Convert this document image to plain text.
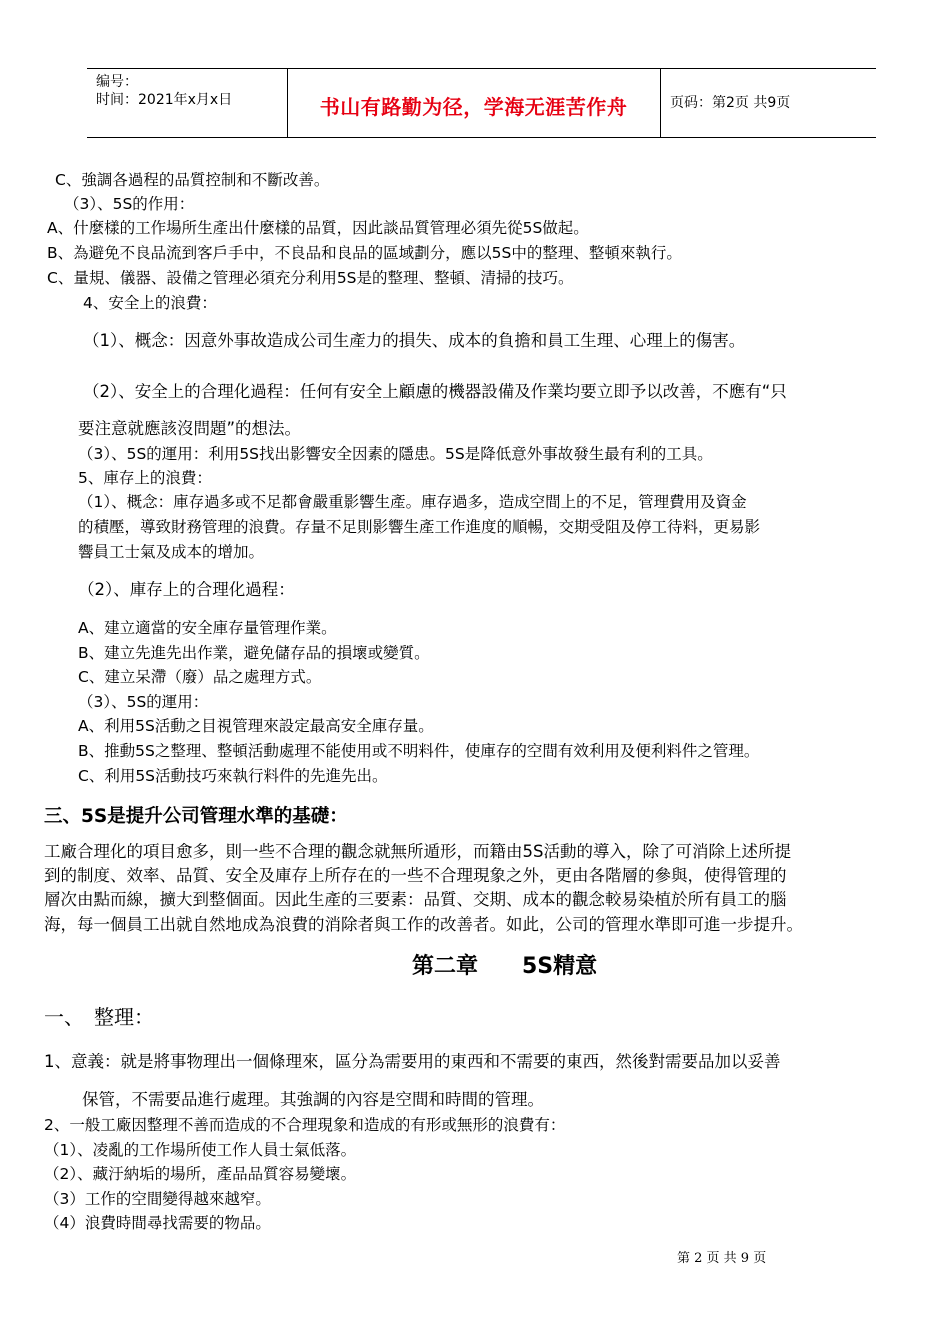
编号：
时间：2021年x月x日	书山有路勤为径，学海无涯苦作舟	页码：第2页 共9页
C、強調各過程的品質控制和不斷改善。
（3）、5S的作用：
A、什麼樣的工作場所生產出什麼樣的品質，因此談品質管理必須先從5S做起。
B、為避免不良品流到客戶手中，不良品和良品的區域劃分，應以5S中的整理、整頓來執行。
C、量規、儀器、設備之管理必須充分利用5S是的整理、整頓、清掃的技巧。
4、安全上的浪費：
（1）、概念：因意外事故造成公司生產力的損失、成本的負擔和員工生理、心理上的傷害。
（2）、安全上的合理化過程：任何有安全上顧慮的機器設備及作業均要立即予以改善，不應有“只
要注意就應該沒問題”的想法。
（3）、5S的運用：利用5S找出影響安全因素的隱患。5S是降低意外事故發生最有利的工具。
5、庫存上的浪費：
（1）、概念：庫存過多或不足都會嚴重影響生產。庫存過多，造成空間上的不足，管理費用及資金
的積壓，導致財務管理的浪費。存量不足則影響生產工作進度的順暢，交期受阻及停工待料，更易影
響員工士氣及成本的增加。
（2）、庫存上的合理化過程：
A、建立適當的安全庫存量管理作業。
B、建立先進先出作業，避免儲存品的損壞或變質。
C、建立呆滯（廢）品之處理方式。
（3）、5S的運用：
A、利用5S活動之目視管理來設定最高安全庫存量。
B、推動5S之整理、整頓活動處理不能使用或不明料件，使庫存的空間有效利用及便利料件之管理。
C、利用5S活動技巧來執行料件的先進先出。
三、5S是提升公司管理水準的基礎：
工廠合理化的項目愈多，則一些不合理的觀念就無所遁形，而籍由5S活動的導入，除了可消除上述所提
到的制度、效率、品質、安全及庫存上所存在的一些不合理現象之外，更由各階層的參與，使得管理的
層次由點而線，擴大到整個面。因此生產的三要素：品質、交期、成本的觀念較易染植於所有員工的腦
海，每一個員工出就自然地成為浪費的消除者與工作的改善者。如此，公司的管理水準即可進一步提升。
第二章　　5S精意
一、　整理：
1、意義：就是將事物理出一個條理來，區分為需要用的東西和不需要的東西，然後對需要品加以妥善
保管，不需要品進行處理。其強調的內容是空間和時間的管理。
2、一般工廠因整理不善而造成的不合理現象和造成的有形或無形的浪費有：
（1）、凌亂的工作場所使工作人員士氣低落。
（2）、藏汙納垢的場所，產品品質容易變壞。
（3）工作的空間變得越來越窄。
（4）浪費時間尋找需要的物品。
第 2 页 共 9 页
